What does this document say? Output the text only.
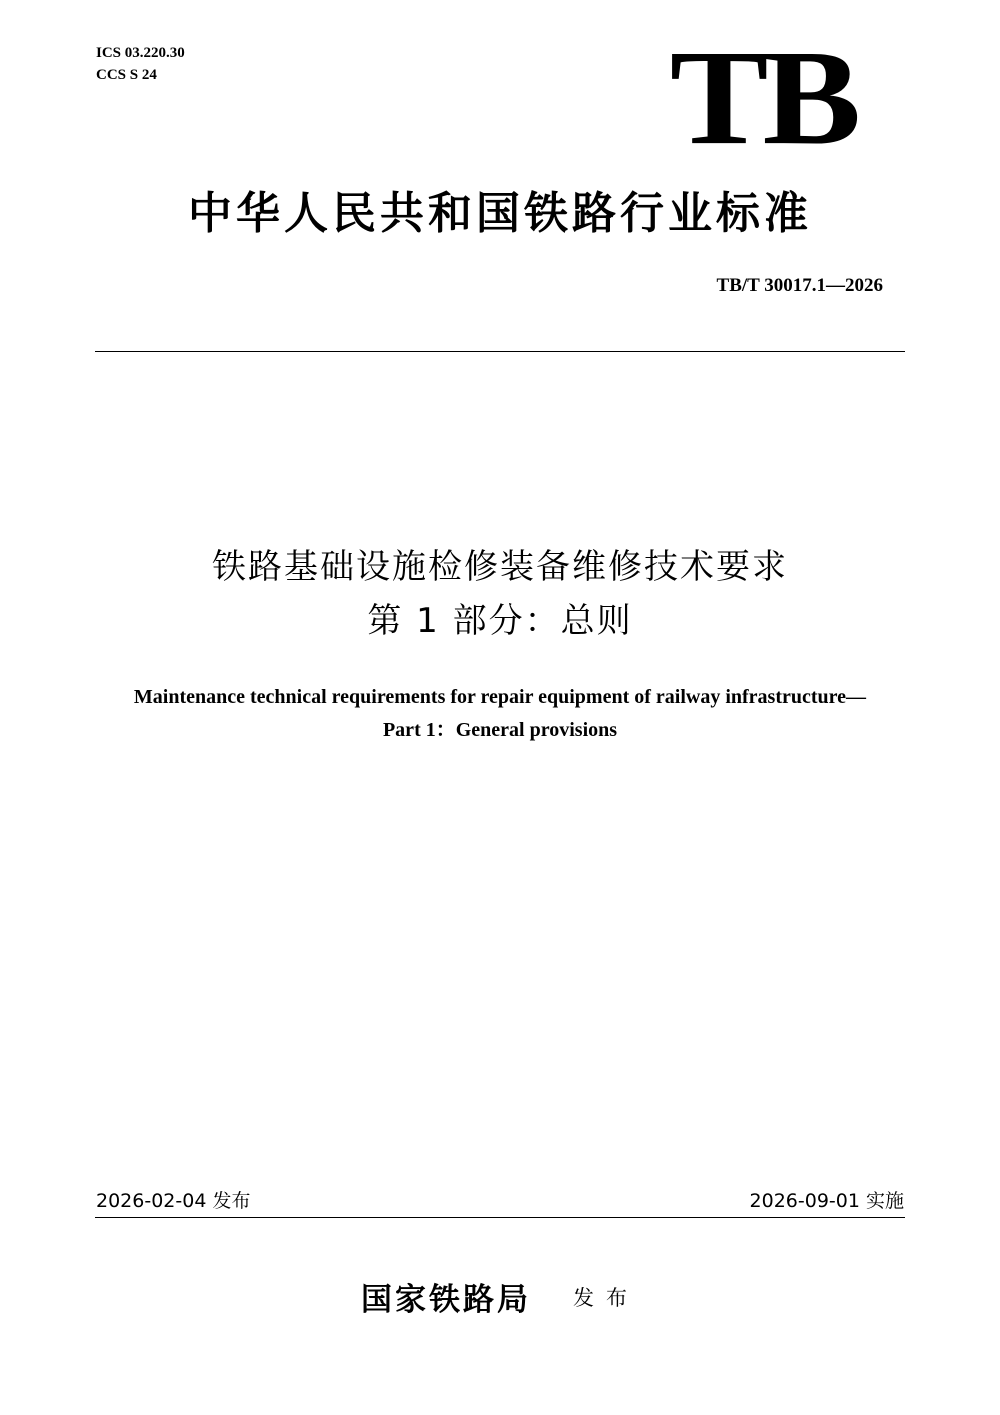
ICS 03.220.30
CCS S 24	TB
中华人民共和国铁路行业标准
TB/T 30017.1—2026
铁路基础设施检修装备维修技术要求
第 1 部分：总则
Maintenance technical requirements for repair equipment of railway infrastructure—
Part 1：General provisions
2026-02-04 发布	2026-09-01 实施
国家铁路局 发布
